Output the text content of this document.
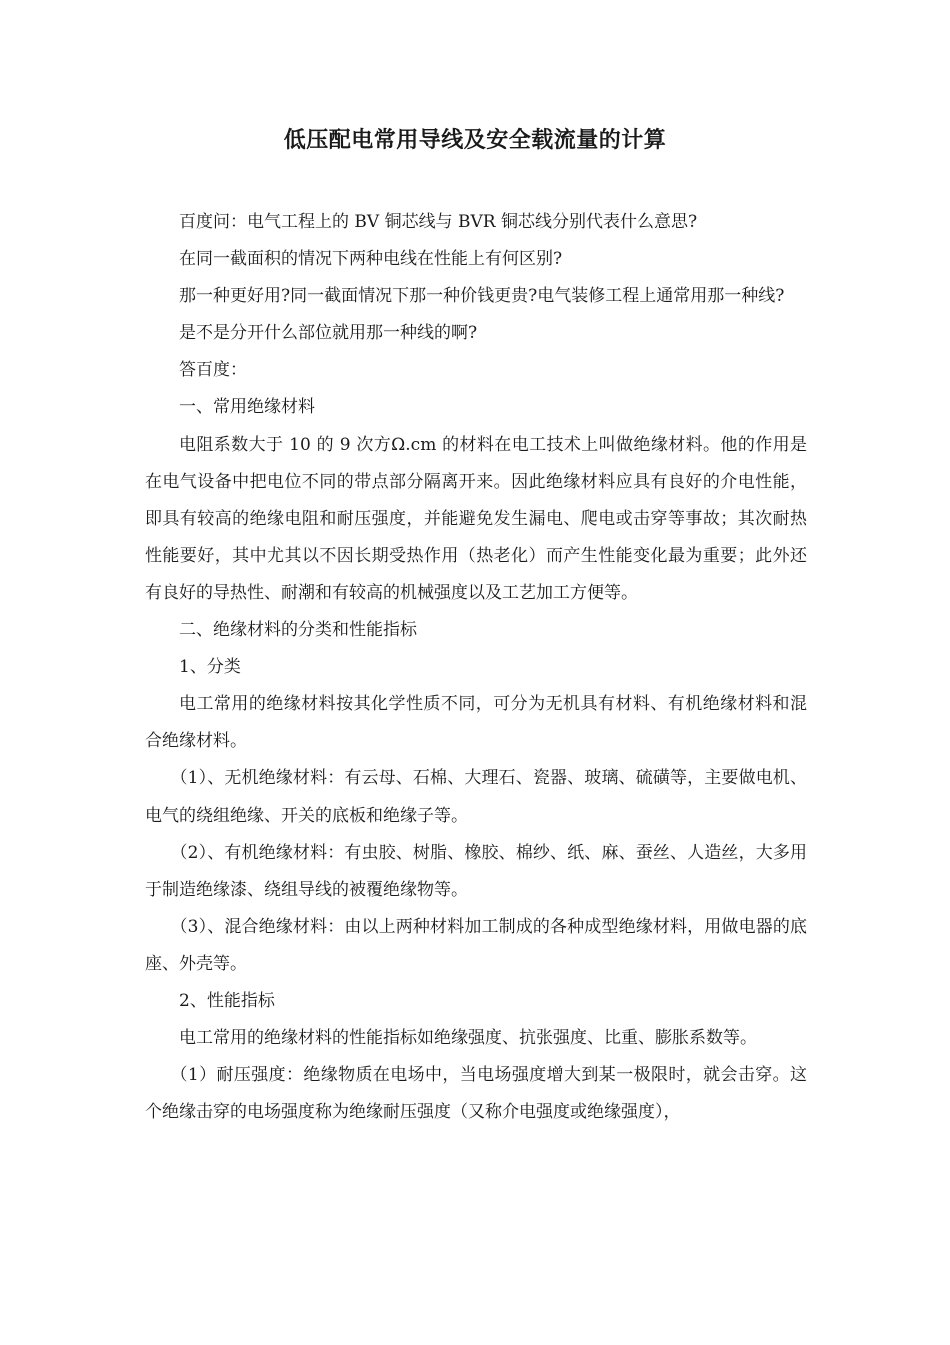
低压配电常用导线及安全载流量的计算

百度问：电气工程上的 BV 铜芯线与 BVR 铜芯线分别代表什么意思?

在同一截面积的情况下两种电线在性能上有何区别?

那一种更好用?同一截面情况下那一种价钱更贵?电气装修工程上通常用那一种线?

是不是分开什么部位就用那一种线的啊?

答百度：

一、常用绝缘材料

电阻系数大于 10 的 9 次方Ω.cm 的材料在电工技术上叫做绝缘材料。他的作用是在电气设备中把电位不同的带点部分隔离开来。因此绝缘材料应具有良好的介电性能，即具有较高的绝缘电阻和耐压强度，并能避免发生漏电、爬电或击穿等事故；其次耐热性能要好，其中尤其以不因长期受热作用（热老化）而产生性能变化最为重要；此外还有良好的导热性、耐潮和有较高的机械强度以及工艺加工方便等。

二、绝缘材料的分类和性能指标

1、分类

电工常用的绝缘材料按其化学性质不同，可分为无机具有材料、有机绝缘材料和混合绝缘材料。

（1）、无机绝缘材料：有云母、石棉、大理石、瓷器、玻璃、硫磺等，主要做电机、电气的绕组绝缘、开关的底板和绝缘子等。

（2）、有机绝缘材料：有虫胶、树脂、橡胶、棉纱、纸、麻、蚕丝、人造丝，大多用于制造绝缘漆、绕组导线的被覆绝缘物等。

（3）、混合绝缘材料：由以上两种材料加工制成的各种成型绝缘材料，用做电器的底座、外壳等。

2、性能指标

电工常用的绝缘材料的性能指标如绝缘强度、抗张强度、比重、膨胀系数等。

（1）耐压强度：绝缘物质在电场中，当电场强度增大到某一极限时，就会击穿。这个绝缘击穿的电场强度称为绝缘耐压强度（又称介电强度或绝缘强度），
